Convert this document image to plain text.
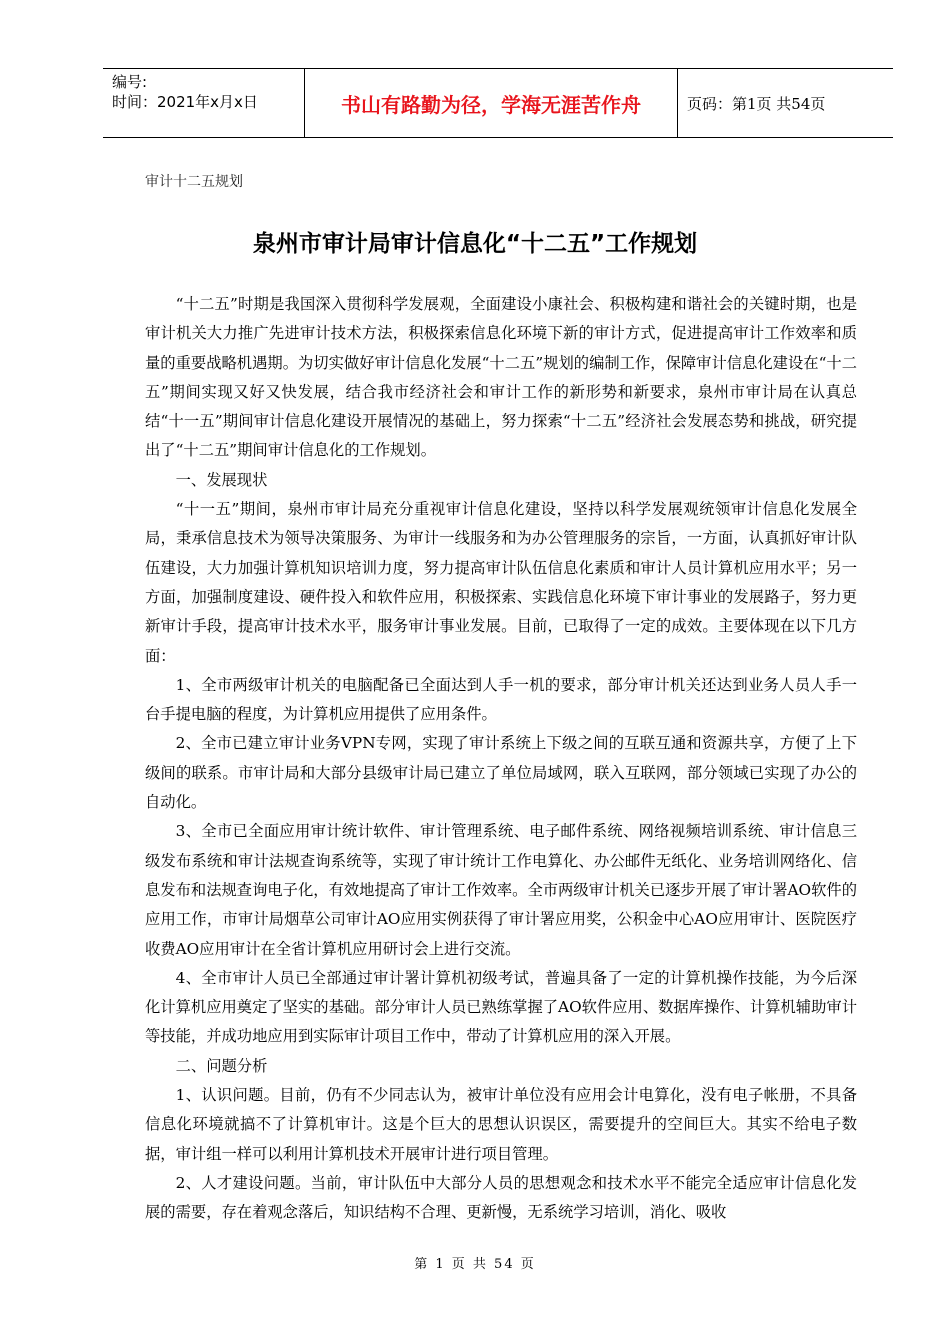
编号:
时间：2021年x月x日	书山有路勤为径，学海无涯苦作舟	页码：第1页 共54页
审计十二五规划
泉州市审计局审计信息化“十二五”工作规划

“十二五”时期是我国深入贯彻科学发展观，全面建设小康社会、积极构建和谐社会的关键时期，也是审计机关大力推广先进审计技术方法，积极探索信息化环境下新的审计方式，促进提高审计工作效率和质量的重要战略机遇期。为切实做好审计信息化发展“十二五”规划的编制工作，保障审计信息化建设在“十二五”期间实现又好又快发展，结合我市经济社会和审计工作的新形势和新要求，泉州市审计局在认真总结“十一五”期间审计信息化建设开展情况的基础上，努力探索“十二五”经济社会发展态势和挑战，研究提出了“十二五”期间审计信息化的工作规划。

一、发展现状

“十一五”期间，泉州市审计局充分重视审计信息化建设，坚持以科学发展观统领审计信息化发展全局，秉承信息技术为领导决策服务、为审计一线服务和为办公管理服务的宗旨，一方面，认真抓好审计队伍建设，大力加强计算机知识培训力度，努力提高审计队伍信息化素质和审计人员计算机应用水平；另一方面，加强制度建设、硬件投入和软件应用，积极探索、实践信息化环境下审计事业的发展路子，努力更新审计手段，提高审计技术水平，服务审计事业发展。目前，已取得了一定的成效。主要体现在以下几方面：

1、全市两级审计机关的电脑配备已全面达到人手一机的要求，部分审计机关还达到业务人员人手一台手提电脑的程度，为计算机应用提供了应用条件。

2、全市已建立审计业务VPN专网，实现了审计系统上下级之间的互联互通和资源共享，方便了上下级间的联系。市审计局和大部分县级审计局已建立了单位局域网，联入互联网，部分领域已实现了办公的自动化。

3、全市已全面应用审计统计软件、审计管理系统、电子邮件系统、网络视频培训系统、审计信息三级发布系统和审计法规查询系统等，实现了审计统计工作电算化、办公邮件无纸化、业务培训网络化、信息发布和法规查询电子化，有效地提高了审计工作效率。全市两级审计机关已逐步开展了审计署AO软件的应用工作，市审计局烟草公司审计AO应用实例获得了审计署应用奖，公积金中心AO应用审计、医院医疗收费AO应用审计在全省计算机应用研讨会上进行交流。

4、全市审计人员已全部通过审计署计算机初级考试，普遍具备了一定的计算机操作技能，为今后深化计算机应用奠定了坚实的基础。部分审计人员已熟练掌握了AO软件应用、数据库操作、计算机辅助审计等技能，并成功地应用到实际审计项目工作中，带动了计算机应用的深入开展。

二、问题分析

1、认识问题。目前，仍有不少同志认为，被审计单位没有应用会计电算化，没有电子帐册，不具备信息化环境就搞不了计算机审计。这是个巨大的思想认识误区，需要提升的空间巨大。其实不给电子数据，审计组一样可以利用计算机技术开展审计进行项目管理。

2、人才建设问题。当前，审计队伍中大部分人员的思想观念和技术水平不能完全适应审计信息化发展的需要，存在着观念落后，知识结构不合理、更新慢，无系统学习培训，消化、吸收

第 1 页 共 54 页
